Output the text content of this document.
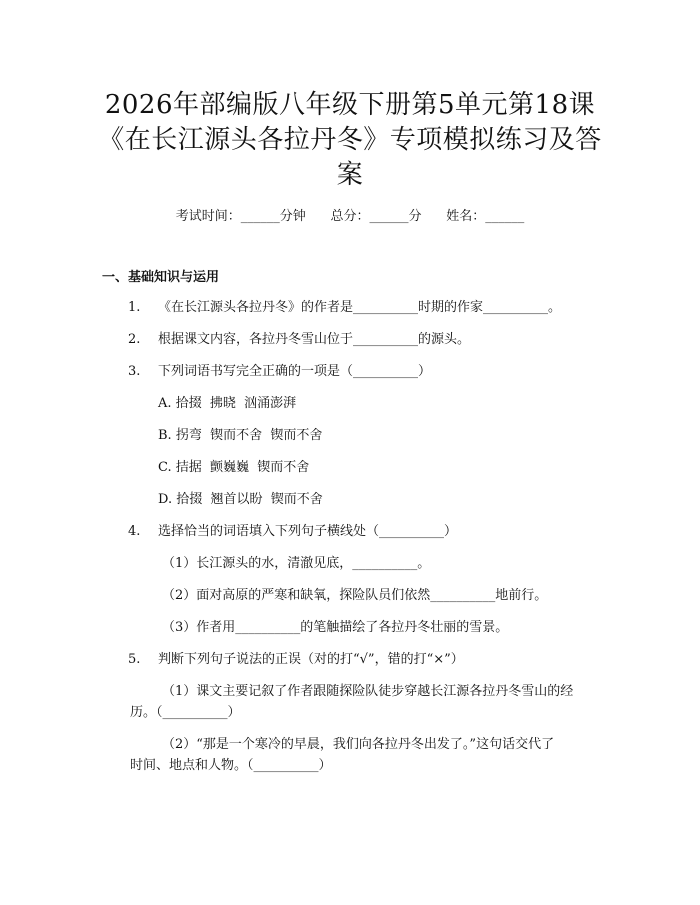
2026年部编版八年级下册第5单元第18课
《在长江源头各拉丹冬》专项模拟练习及答
案
考试时间：______分钟      总分：______分      姓名：______
一、基础知识与运用
1. 《在长江源头各拉丹冬》的作者是__________时期的作家__________。
2. 根据课文内容，各拉丹冬雪山位于__________的源头。
3. 下列词语书写完全正确的一项是（__________）
A. 拾掇  拂晓  汹涌澎湃
B. 拐弯  锲而不舍  锲而不舍
C. 拮据  颤巍巍  锲而不舍
D. 拾掇  翘首以盼  锲而不舍
4. 选择恰当的词语填入下列句子横线处（__________）
（1）长江源头的水，清澈见底，__________。
（2）面对高原的严寒和缺氧，探险队员们依然__________地前行。
（3）作者用__________的笔触描绘了各拉丹冬壮丽的雪景。
5. 判断下列句子说法的正误（对的打“√”，错的打“×”）
（1）课文主要记叙了作者跟随探险队徒步穿越长江源各拉丹冬雪山的经
历。（__________）
（2）“那是一个寒冷的早晨，我们向各拉丹冬出发了。”这句话交代了
时间、地点和人物。（__________）
